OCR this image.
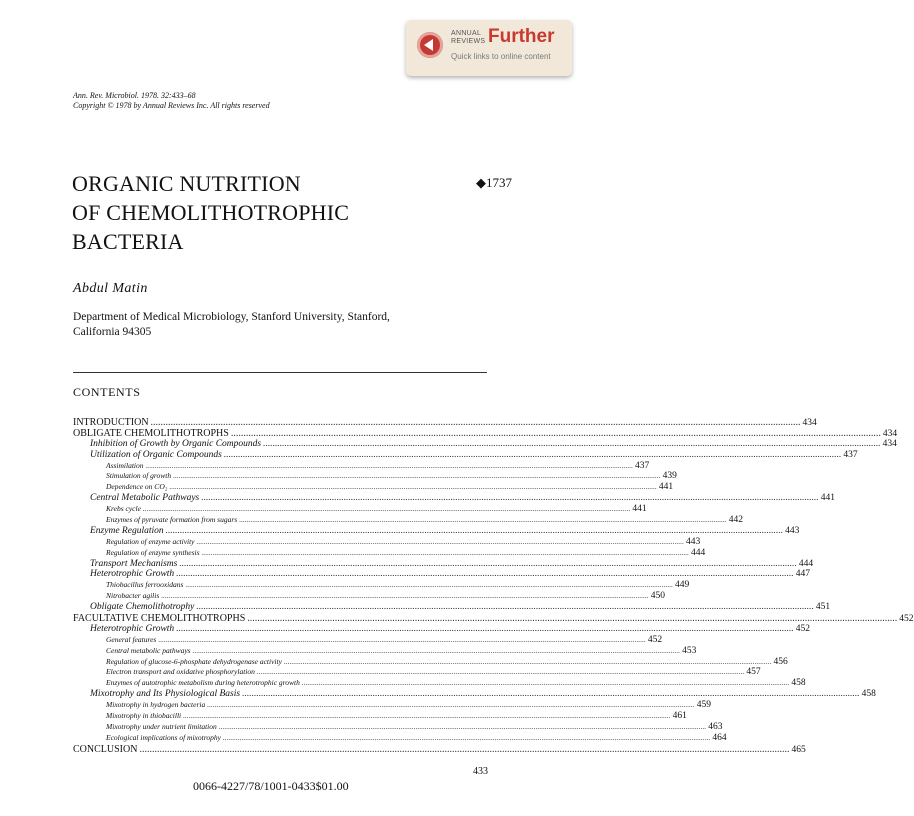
ANNUAL
REVIEWS Further
Quick links to online content
Ann. Rev. Microbiol. 1978. 32:433–68
Copyright © 1978 by Annual Reviews Inc. All rights reserved
ORGANIC NUTRITION
OF CHEMOLITHOTROPHIC
BACTERIA
◆1737
Abdul Matin
Department of Medical Microbiology, Stanford University, Stanford,
California 94305
CONTENTS
INTRODUCTION .................................................................................................................................................................................................................................................................... 434
OBLIGATE CHEMOLITHOTROPHS .................................................................................................................................................................................................................................................................... 434
Inhibition of Growth by Organic Compounds .................................................................................................................................................................................................................................................................... 434
Utilization of Organic Compounds .................................................................................................................................................................................................................................................................... 437
Assimilation .................................................................................................................................................................................................................................................................... 437
Stimulation of growth .................................................................................................................................................................................................................................................................... 439
Dependence on CO₂ .................................................................................................................................................................................................................................................................... 441
Central Metabolic Pathways .................................................................................................................................................................................................................................................................... 441
Krebs cycle .................................................................................................................................................................................................................................................................... 441
Enzymes of pyruvate formation from sugars .................................................................................................................................................................................................................................................................... 442
Enzyme Regulation .................................................................................................................................................................................................................................................................... 443
Regulation of enzyme activity .................................................................................................................................................................................................................................................................... 443
Regulation of enzyme synthesis .................................................................................................................................................................................................................................................................... 444
Transport Mechanisms .................................................................................................................................................................................................................................................................... 444
Heterotrophic Growth .................................................................................................................................................................................................................................................................... 447
Thiobacillus ferrooxidans .................................................................................................................................................................................................................................................................... 449
Nitrobacter agilis .................................................................................................................................................................................................................................................................... 450
Obligate Chemolithotrophy .................................................................................................................................................................................................................................................................... 451
FACULTATIVE CHEMOLITHOTROPHS .................................................................................................................................................................................................................................................................... 452
Heterotrophic Growth .................................................................................................................................................................................................................................................................... 452
General features .................................................................................................................................................................................................................................................................... 452
Central metabolic pathways .................................................................................................................................................................................................................................................................... 453
Regulation of glucose-6-phosphate dehydrogenase activity .................................................................................................................................................................................................................................................................... 456
Electron transport and oxidative phosphorylation .................................................................................................................................................................................................................................................................... 457
Enzymes of autotrophic metabolism during heterotrophic growth .................................................................................................................................................................................................................................................................... 458
Mixotrophy and Its Physiological Basis .................................................................................................................................................................................................................................................................... 458
Mixotrophy in hydrogen bacteria .................................................................................................................................................................................................................................................................... 459
Mixotrophy in thiobacilli .................................................................................................................................................................................................................................................................... 461
Mixotrophy under nutrient limitation .................................................................................................................................................................................................................................................................... 463
Ecological implications of mixotrophy .................................................................................................................................................................................................................................................................... 464
CONCLUSION .................................................................................................................................................................................................................................................................... 465
433
0066-4227/78/1001-0433$01.00
